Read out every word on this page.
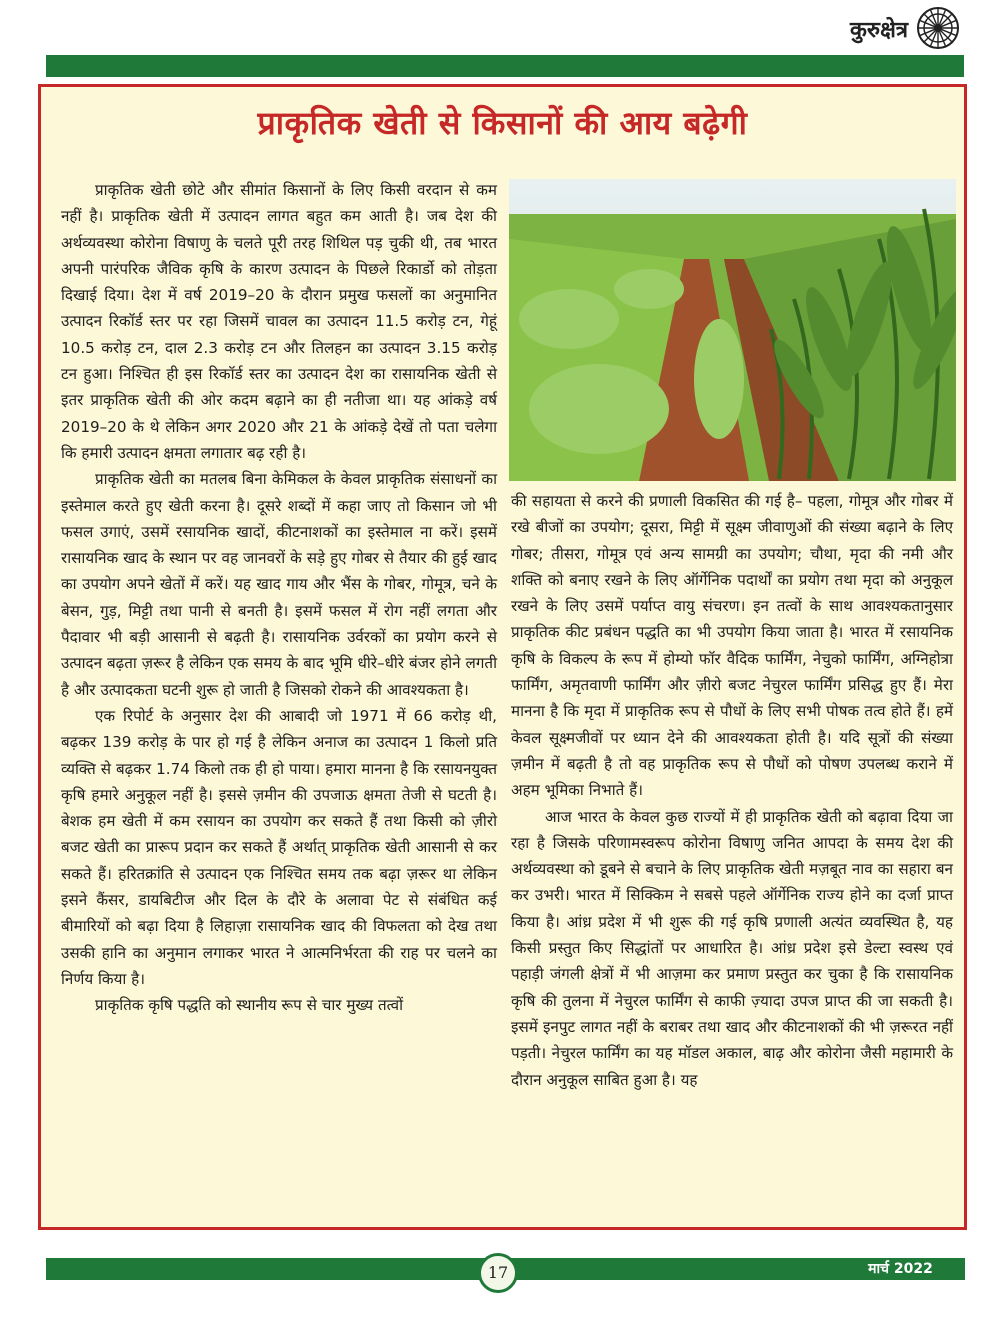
कुरुक्षेत्र
प्राकृतिक खेती से किसानों की आय बढ़ेगी

प्राकृतिक खेती छोटे और सीमांत किसानों के लिए किसी वरदान से कम नहीं है। प्राकृतिक खेती में उत्पादन लागत बहुत कम आती है। जब देश की अर्थव्यवस्था कोरोना विषाणु के चलते पूरी तरह शिथिल पड़ चुकी थी, तब भारत अपनी पारंपरिक जैविक कृषि के कारण उत्पादन के पिछले रिकार्डो को तोड़ता दिखाई दिया। देश में वर्ष 2019–20 के दौरान प्रमुख फसलों का अनुमानित उत्पादन रिकॉर्ड स्तर पर रहा जिसमें चावल का उत्पादन 11.5 करोड़ टन, गेहूं 10.5 करोड़ टन, दाल 2.3 करोड़ टन और तिलहन का उत्पादन 3.15 करोड़ टन हुआ। निश्चित ही इस रिकॉर्ड स्तर का उत्पादन देश का रासायनिक खेती से इतर प्राकृतिक खेती की ओर कदम बढ़ाने का ही नतीजा था। यह आंकड़े वर्ष 2019–20 के थे लेकिन अगर 2020 और 21 के आंकड़े देखें तो पता चलेगा कि हमारी उत्पादन क्षमता लगातार बढ़ रही है।

प्राकृतिक खेती का मतलब बिना केमिकल के केवल प्राकृतिक संसाधनों का इस्तेमाल करते हुए खेती करना है। दूसरे शब्दों में कहा जाए तो किसान जो भी फसल उगाएं, उसमें रसायनिक खादों, कीटनाशकों का इस्तेमाल ना करें। इसमें रासायनिक खाद के स्थान पर वह जानवरों के सड़े हुए गोबर से तैयार की हुई खाद का उपयोग अपने खेतों में करें। यह खाद गाय और भैंस के गोबर, गोमूत्र, चने के बेसन, गुड़, मिट्टी तथा पानी से बनती है। इसमें फसल में रोग नहीं लगता और पैदावार भी बड़ी आसानी से बढ़ती है। रासायनिक उर्वरकों का प्रयोग करने से उत्पादन बढ़ता ज़रूर है लेकिन एक समय के बाद भूमि धीरे–धीरे बंजर होने लगती है और उत्पादकता घटनी शुरू हो जाती है जिसको रोकने की आवश्यकता है।

एक रिपोर्ट के अनुसार देश की आबादी जो 1971 में 66 करोड़ थी, बढ़कर 139 करोड़ के पार हो गई है लेकिन अनाज का उत्पादन 1 किलो प्रति व्यक्ति से बढ़कर 1.74 किलो तक ही हो पाया। हमारा मानना है कि रसायनयुक्त कृषि हमारे अनुकूल नहीं है। इससे ज़मीन की उपजाऊ क्षमता तेजी से घटती है। बेशक हम खेती में कम रसायन का उपयोग कर सकते हैं तथा किसी को ज़ीरो बजट खेती का प्रारूप प्रदान कर सकते हैं अर्थात् प्राकृतिक खेती आसानी से कर सकते हैं। हरितक्रांति से उत्पादन एक निश्चित समय तक बढ़ा ज़रूर था लेकिन इसने कैंसर, डायबिटीज और दिल के दौरे के अलावा पेट से संबंधित कई बीमारियों को बढ़ा दिया है लिहाज़ा रासायनिक खाद की विफलता को देख तथा उसकी हानि का अनुमान लगाकर भारत ने आत्मनिर्भरता की राह पर चलने का निर्णय किया है।

प्राकृतिक कृषि पद्धति को स्थानीय रूप से चार मुख्य तत्वों

की सहायता से करने की प्रणाली विकसित की गई है– पहला, गोमूत्र और गोबर में रखे बीजों का उपयोग; दूसरा, मिट्टी में सूक्ष्म जीवाणुओं की संख्या बढ़ाने के लिए गोबर; तीसरा, गोमूत्र एवं अन्य सामग्री का उपयोग; चौथा, मृदा की नमी और शक्ति को बनाए रखने के लिए ऑर्गेनिक पदार्थों का प्रयोग तथा मृदा को अनुकूल रखने के लिए उसमें पर्याप्त वायु संचरण। इन तत्वों के साथ आवश्यकतानुसार प्राकृतिक कीट प्रबंधन पद्धति का भी उपयोग किया जाता है। भारत में रसायनिक कृषि के विकल्प के रूप में होम्यो फॉर वैदिक फार्मिंग, नेचुको फार्मिंग, अग्निहोत्रा फार्मिंग, अमृतवाणी फार्मिंग और ज़ीरो बजट नेचुरल फार्मिंग प्रसिद्ध हुए हैं। मेरा मानना है कि मृदा में प्राकृतिक रूप से पौधों के लिए सभी पोषक तत्व होते हैं। हमें केवल सूक्ष्मजीवों पर ध्यान देने की आवश्यकता होती है। यदि सूत्रों की संख्या ज़मीन में बढ़ती है तो वह प्राकृतिक रूप से पौधों को पोषण उपलब्ध कराने में अहम भूमिका निभाते हैं।

आज भारत के केवल कुछ राज्यों में ही प्राकृतिक खेती को बढ़ावा दिया जा रहा है जिसके परिणामस्वरूप कोरोना विषाणु जनित आपदा के समय देश की अर्थव्यवस्था को डूबने से बचाने के लिए प्राकृतिक खेती मज़बूत नाव का सहारा बन कर उभरी। भारत में सिक्किम ने सबसे पहले ऑर्गेनिक राज्य होने का दर्जा प्राप्त किया है। आंध्र प्रदेश में भी शुरू की गई कृषि प्रणाली अत्यंत व्यवस्थित है, यह किसी प्रस्तुत किए सिद्धांतों पर आधारित है। आंध्र प्रदेश इसे डेल्टा स्वस्थ एवं पहाड़ी जंगली क्षेत्रों में भी आज़मा कर प्रमाण प्रस्तुत कर चुका है कि रासायनिक कृषि की तुलना में नेचुरल फार्मिंग से काफी ज़्यादा उपज प्राप्त की जा सकती है। इसमें इनपुट लागत नहीं के बराबर तथा खाद और कीटनाशकों की भी ज़रूरत नहीं पड़ती। नेचुरल फार्मिंग का यह मॉडल अकाल, बाढ़ और कोरोना जैसी महामारी के दौरान अनुकूल साबित हुआ है। यह

17	मार्च 2022
